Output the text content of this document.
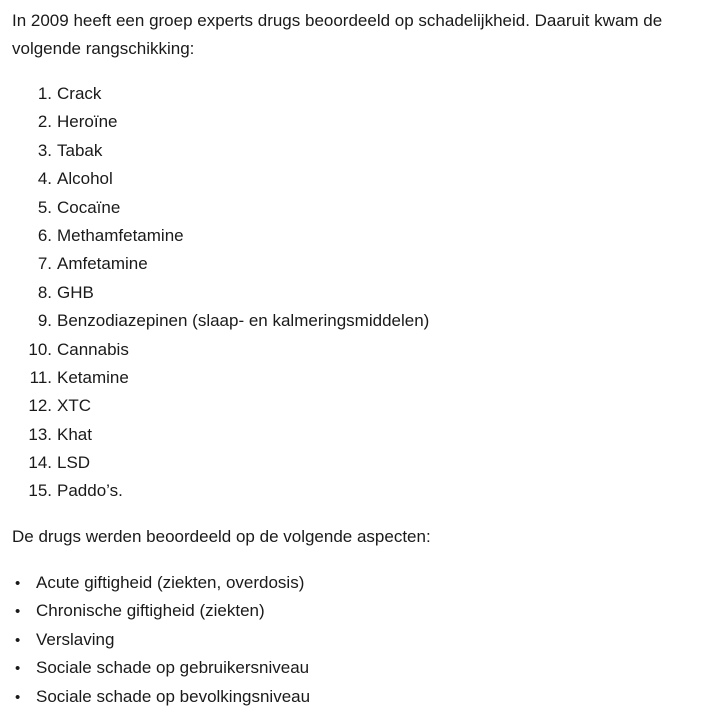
In 2009 heeft een groep experts drugs beoordeeld op schadelijkheid. Daaruit kwam de volgende rangschikking:

1. Crack
2. Heroïne
3. Tabak
4. Alcohol
5. Cocaïne
6. Methamfetamine
7. Amfetamine
8. GHB
9. Benzodiazepinen (slaap- en kalmeringsmiddelen)
10. Cannabis
11. Ketamine
12. XTC
13. Khat
14. LSD
15. Paddo’s.

De drugs werden beoordeeld op de volgende aspecten:

• Acute giftigheid (ziekten, overdosis)
• Chronische giftigheid (ziekten)
• Verslaving
• Sociale schade op gebruikersniveau
• Sociale schade op bevolkingsniveau
